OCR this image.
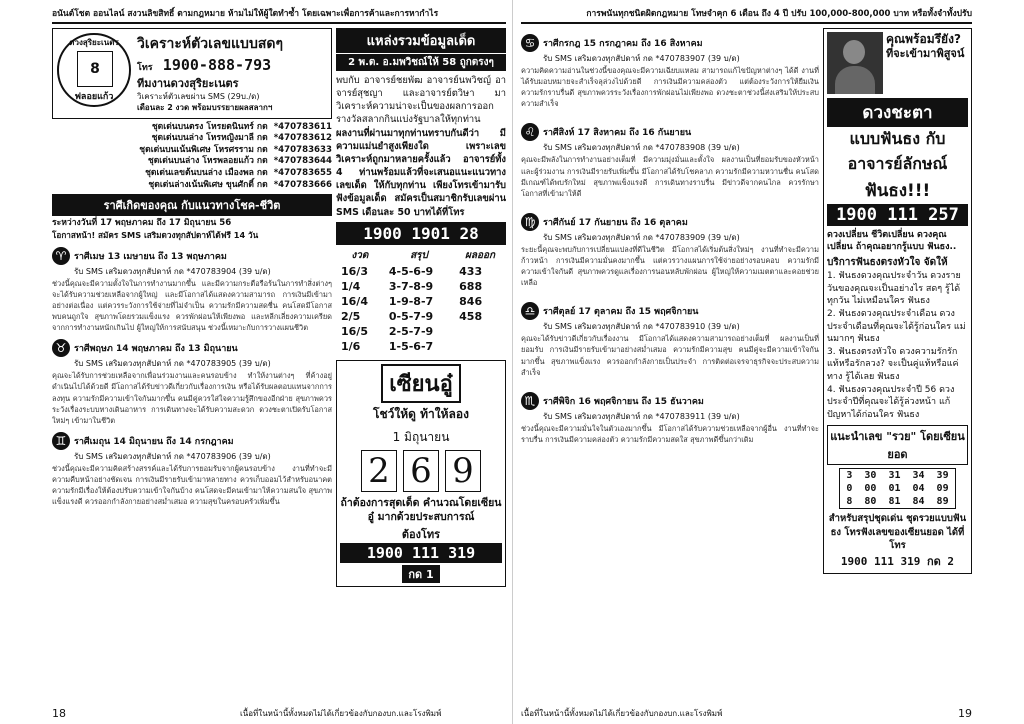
อนันต์โชต ออนไลน์ สงวนลิขสิทธิ์ ตามกฎหมาย ห้ามไม่ให้ผู้ใดทำซ้ำ โดยเฉพาะเพื่อการค้าและการหากำไร
ดวงสุริยะเนตร
8
ฟลอยแก้ว
วิเคราะห์ตัวเลขแบบสดๆ
โทร 1900-888-793
ทีมงานดวงสุริยะเนตร
วิเคราะห์ตัวเลขผ่าน SMS (29บ./ด)
เดือนละ 2 งวด พร้อมบรรยายผลสลากฯ
ชุดเด่นบนตรง โหรยตนินทร์ กด *470783611
ชุดเด่นบนล่าง โหรหญิงมาลี กด *470783612
ชุดเด่นบนเน้นพิเศษ โหรศรราม กด *470783633
ชุดเด่นบนล่าง โหรพลอยแก้ว กด *470783644
ชุดเด่นเลขต้นบนล่าง เมืองพล กด *470783655
ชุดเด่นล่างเน้นพิเศษ ขุนศักดิ์ กด *470783666
ราศีเกิดของคุณ กับแนวทางโชค-ชีวิต
ระหว่างวันที่ 17 พฤษภาคม ถึง 17 มิถุนายน 56
โอกาสหน้า! สมัคร SMS เสริมดวงทุกสัปดาห์ได้ฟรี 14 วัน
♈ ราศีเมษ 13 เมษายน ถึง 13 พฤษภาคม
รับ SMS เสริมดวงทุกสัปดาห์ กด *470783904 (39 บ/ด)
ช่วงนี้คุณจะมีความตั้งใจในการทำงานมากขึ้น และมีความกระตือรือร้นในการทำสิ่งต่างๆ จะได้รับความช่วยเหลือจากผู้ใหญ่ และมีโอกาสได้แสดงความสามารถ การเงินมีเข้ามาอย่างต่อเนื่อง แต่ควรระวังการใช้จ่ายที่ไม่จำเป็น ความรักมีความสดชื่น คนโสดมีโอกาสพบคนถูกใจ สุขภาพโดยรวมแข็งแรง ควรพักผ่อนให้เพียงพอ และหลีกเลี่ยงความเครียดจากการทำงานหนักเกินไป ผู้ใหญ่ให้การสนับสนุน ช่วงนี้เหมาะกับการวางแผนชีวิต
♉ ราศีพฤษภ 14 พฤษภาคม ถึง 13 มิถุนายน
รับ SMS เสริมดวงทุกสัปดาห์ กด *470783905 (39 บ/ด)
คุณจะได้รับการช่วยเหลือจากเพื่อนร่วมงานและคนรอบข้าง ทำให้งานต่างๆ ที่ค้างอยู่ดำเนินไปได้ด้วยดี มีโอกาสได้รับข่าวดีเกี่ยวกับเรื่องการเงิน หรือได้รับผลตอบแทนจากการลงทุน ความรักมีความเข้าใจกันมากขึ้น คนมีคู่ควรใส่ใจความรู้สึกของอีกฝ่าย สุขภาพควรระวังเรื่องระบบทางเดินอาหาร การเดินทางจะได้รับความสะดวก ดวงชะตาเปิดรับโอกาสใหม่ๆ เข้ามาในชีวิต
♊ ราศีเมถุน 14 มิถุนายน ถึง 14 กรกฎาคม
รับ SMS เสริมดวงทุกสัปดาห์ กด *470783906 (39 บ/ด)
ช่วงนี้คุณจะมีความคิดสร้างสรรค์และได้รับการยอมรับจากผู้คนรอบข้าง งานที่ทำจะมีความคืบหน้าอย่างชัดเจน การเงินมีรายรับเข้ามาหลายทาง ควรเก็บออมไว้สำหรับอนาคต ความรักมีเรื่องให้ต้องปรับความเข้าใจกันบ้าง คนโสดจะมีคนเข้ามาให้ความสนใจ สุขภาพแข็งแรงดี ควรออกกำลังกายอย่างสม่ำเสมอ ความสุขในครอบครัวเพิ่มขึ้น
แหล่งรวมข้อมูลเด็ด
2 พ.ต. อ.มพวิชณ์ให้ 58 ถูกตรงๆ
พบกับ อาจารย์ชยพัฒ อาจารย์นพวิชญ์ อาจารย์สุชญา และอาจารย์ตวิษา มาวิเคราะห์ความน่าจะเป็นของผลการออกรางวัลสลากกินแบ่งรัฐบาลให้ทุกท่าน
ผลงานที่ผ่านมาทุกท่านทราบกันดีว่า มีความแม่นยำสูงเพียงใด เพราะเลขวิเคราะห์ถูกมาหลายครั้งแล้ว อาจารย์ทั้ง 4 ท่านพร้อมแล้วที่จะเสนอแนะแนวทางเลขเด็ด ให้กับทุกท่าน เพียงโทรเข้ามารับฟังข้อมูลเด็ด สมัครเป็นสมาชิกรับเลขผ่าน SMS เดือนละ 50 บาทได้ที่โทร
1900 1901 28
งวด	สรุป	ผลออก
16/3	4-5-6-9	433
1/4	3-7-8-9	688
16/4	1-9-8-7	846
2/5	0-5-7-9	458
16/5	2-5-7-9	
1/6	1-5-6-7	
เซียนอู๋
โชว์ให้ดู ท้าให้ลอง
1 มิถุนายน
2 6 9
ถ้าต้องการสุดเด็ด คำนวณโดยเซียนอู๋ มากด้วยประสบการณ์
ต้องโทร
1900 111 319
กด 1
18	เนื้อที่ในหน้านี้ทั้งหมดไม่ได้เกี่ยวข้องกับกองบก.และโรงพิมพ์
การพนันทุกชนิดผิดกฎหมาย โทษจำคุก 6 เดือน ถึง 4 ปี ปรับ 100,000-800,000 บาท หรือทั้งจำทั้งปรับ
♋ ราศีกรกฎ 15 กรกฎาคม ถึง 16 สิงหาคม
รับ SMS เสริมดวงทุกสัปดาห์ กด *470783907 (39 บ/ด)
ความคิดความอ่านในช่วงนี้ของคุณจะมีความเฉียบแหลม สามารถแก้ไขปัญหาต่างๆ ได้ดี งานที่ได้รับมอบหมายจะสำเร็จลุล่วงไปด้วยดี การเงินมีความคล่องตัว แต่ต้องระวังการให้ยืมเงิน ความรักราบรื่นดี สุขภาพควรระวังเรื่องการพักผ่อนไม่เพียงพอ ดวงชะตาช่วงนี้ส่งเสริมให้ประสบความสำเร็จ
♌ ราศีสิงห์ 17 สิงหาคม ถึง 16 กันยายน
รับ SMS เสริมดวงทุกสัปดาห์ กด *470783908 (39 บ/ด)
คุณจะมีพลังในการทำงานอย่างเต็มที่ มีความมุ่งมั่นและตั้งใจ ผลงานเป็นที่ยอมรับของหัวหน้าและผู้ร่วมงาน การเงินมีรายรับเพิ่มขึ้น มีโอกาสได้รับโชคลาภ ความรักมีความหวานชื่น คนโสดมีเกณฑ์ได้พบรักใหม่ สุขภาพแข็งแรงดี การเดินทางราบรื่น มีข่าวดีจากคนไกล ควรรักษาโอกาสที่เข้ามาให้ดี
♍ ราศีกันย์ 17 กันยายน ถึง 16 ตุลาคม
รับ SMS เสริมดวงทุกสัปดาห์ กด *470783909 (39 บ/ด)
ระยะนี้คุณจะพบกับการเปลี่ยนแปลงที่ดีในชีวิต มีโอกาสได้เริ่มต้นสิ่งใหม่ๆ งานที่ทำจะมีความก้าวหน้า การเงินมีความมั่นคงมากขึ้น แต่ควรวางแผนการใช้จ่ายอย่างรอบคอบ ความรักมีความเข้าใจกันดี สุขภาพควรดูแลเรื่องการนอนหลับพักผ่อน ผู้ใหญ่ให้ความเมตตาและคอยช่วยเหลือ
♎ ราศีตุลย์ 17 ตุลาคม ถึง 15 พฤศจิกายน
รับ SMS เสริมดวงทุกสัปดาห์ กด *470783910 (39 บ/ด)
คุณจะได้รับข่าวดีเกี่ยวกับเรื่องงาน มีโอกาสได้แสดงความสามารถอย่างเต็มที่ ผลงานเป็นที่ยอมรับ การเงินมีรายรับเข้ามาอย่างสม่ำเสมอ ความรักมีความสุข คนมีคู่จะมีความเข้าใจกันมากขึ้น สุขภาพแข็งแรง ควรออกกำลังกายเป็นประจำ การติดต่อเจรจาธุรกิจจะประสบความสำเร็จ
♏ ราศีพิจิก 16 พฤศจิกายน ถึง 15 ธันวาคม
รับ SMS เสริมดวงทุกสัปดาห์ กด *470783911 (39 บ/ด)
ช่วงนี้คุณจะมีความมั่นใจในตัวเองมากขึ้น มีโอกาสได้รับความช่วยเหลือจากผู้อื่น งานที่ทำจะราบรื่น การเงินมีความคล่องตัว ความรักมีความสดใส สุขภาพดีขึ้นกว่าเดิม
คุณพร้อมรึยัง?
ที่จะเข้ามาพิสูจน์
ดวงชะตา
แบบฟันธง กับ
อาจารย์ลักษณ์
ฟันธง!!!
1900 111 257
ดวงเปลี่ยน ชีวิตเปลี่ยน ดวงคุณเปลี่ยน ถ้าคุณอยากรู้แบบ ฟันธง..
บริการฟันธงตรงหัวใจ จัดให้
1. ฟันธงดวงคุณประจำวัน ดวงรายวันของคุณจะเป็นอย่างไร สดๆ รู้ได้ทุกวัน ไม่เหมือนใคร ฟันธง
2. ฟันธงดวงคุณประจำเดือน ดวงประจำเดือนที่คุณจะได้รู้ก่อนใคร แม่นมากๆ ฟันธง
3. ฟันธงตรงหัวใจ ดวงความรักรักแท้หรือรักลวง? จะเป็นคู่แท้หรือแค่ทาง รู้ได้เลย ฟันธง
4. ฟันธงดวงคุณประจำปี 56 ดวงประจำปีที่คุณจะได้รู้ล่วงหน้า แก้ปัญหาได้ก่อนใคร ฟันธง
แนะนำเลข "รวย" โดยเซียนยอด
3	30	31	34	39
0	00	01	04	09
8	80	81	84	89
สำหรับสรุปชุดเด่น ชุดรวยแบบฟันธง โทรฟังเลขของเซียนยอด ได้ที่โทร
1900 111 319 กด 2
เนื้อที่ในหน้านี้ทั้งหมดไม่ได้เกี่ยวข้องกับกองบก.และโรงพิมพ์	19
